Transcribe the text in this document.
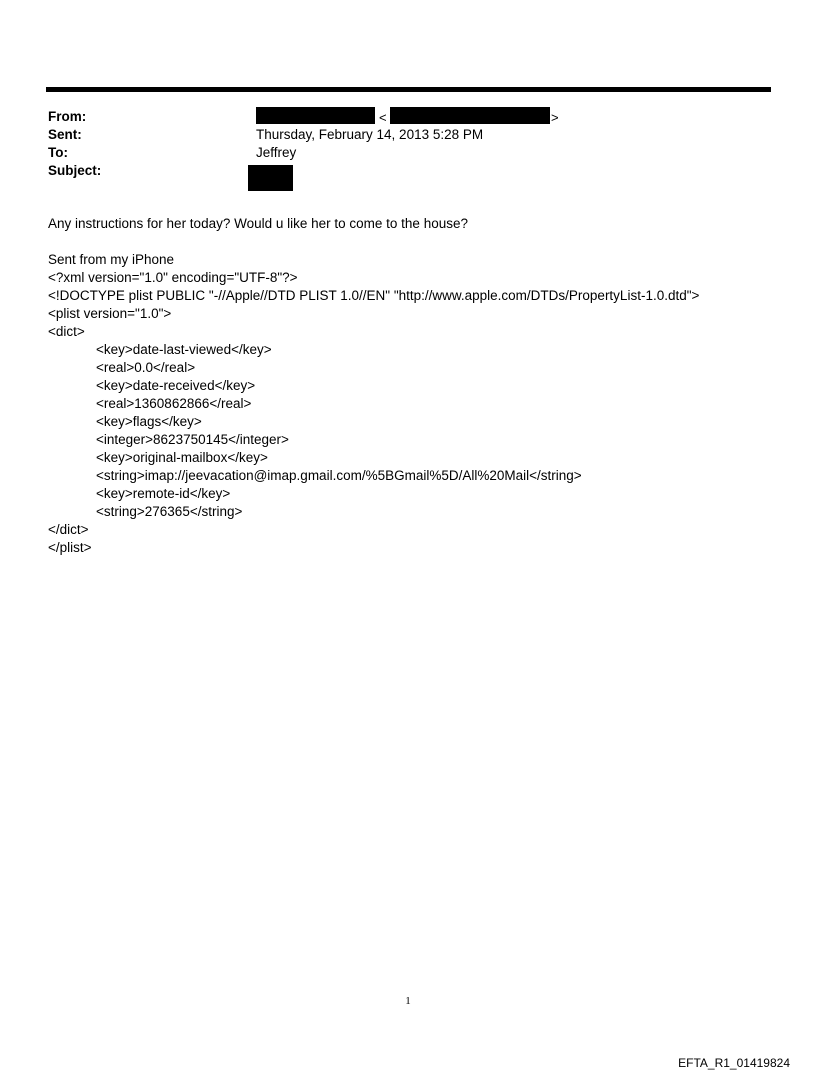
From:
Sent:	Thursday, February 14, 2013 5:28 PM
To:	Jeffrey
Subject:
<	>
Any instructions for her today? Would u like her to come to the house?
Sent from my iPhone
<?xml version="1.0" encoding="UTF-8"?>
<!DOCTYPE plist PUBLIC "-//Apple//DTD PLIST 1.0//EN" "http://www.apple.com/DTDs/PropertyList-1.0.dtd">
<plist version="1.0">
<dict>
<key>date-last-viewed</key>
<real>0.0</real>
<key>date-received</key>
<real>1360862866</real>
<key>flags</key>
<integer>8623750145</integer>
<key>original-mailbox</key>
<string>imap://jeevacation@imap.gmail.com/%5BGmail%5D/All%20Mail</string>
<key>remote-id</key>
<string>276365</string>
</dict>
</plist>
1
EFTA_R1_01419824
